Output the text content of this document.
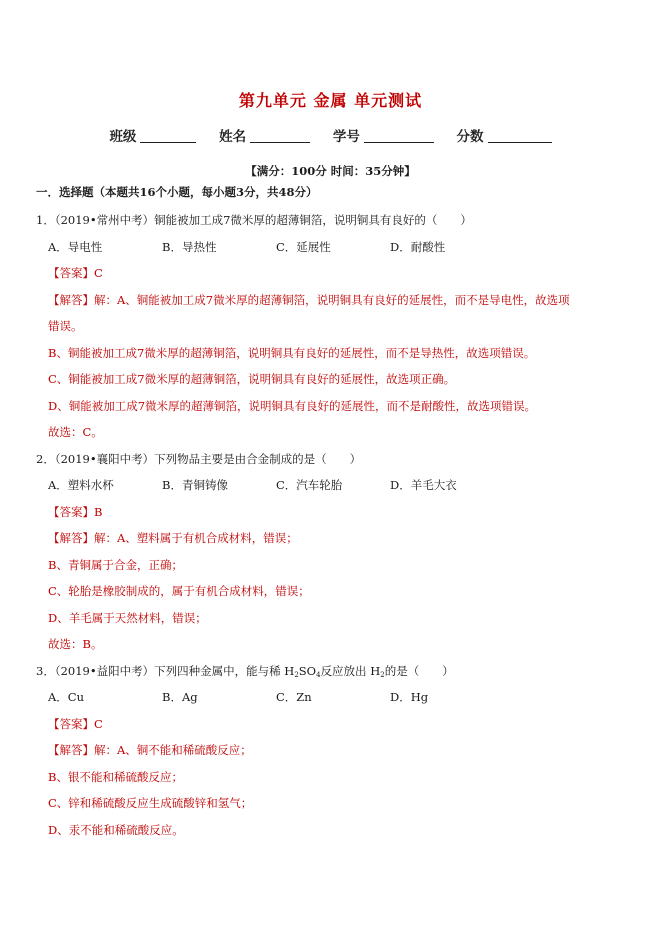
第九单元 金属 单元测试
班级	姓名	学号	分数
【满分：100分 时间：35分钟】
一．选择题（本题共16个小题，每小题3分，共48分）
1．（2019•常州中考）铜能被加工成7微米厚的超薄铜箔，说明铜具有良好的（　　）
A．导电性	B．导热性	C．延展性	D．耐酸性
【答案】C
【解答】解：A、铜能被加工成7微米厚的超薄铜箔，说明铜具有良好的延展性，而不是导电性，故选项
错误。
B、铜能被加工成7微米厚的超薄铜箔，说明铜具有良好的延展性，而不是导热性，故选项错误。
C、铜能被加工成7微米厚的超薄铜箔，说明铜具有良好的延展性，故选项正确。
D、铜能被加工成7微米厚的超薄铜箔，说明铜具有良好的延展性，而不是耐酸性，故选项错误。
故选：C。
2．（2019•襄阳中考）下列物品主要是由合金制成的是（　　）
A．塑料水杯	B．青铜铸像	C．汽车轮胎	D．羊毛大衣
【答案】B
【解答】解：A、塑料属于有机合成材料，错误；
B、青铜属于合金，正确；
C、轮胎是橡胶制成的，属于有机合成材料，错误；
D、羊毛属于天然材料，错误；
故选：B。
3．（2019•益阳中考）下列四种金属中，能与稀 $H_2SO_4$反应放出 $H_2$的是（　　）
A．Cu	B．Ag	C．Zn	D．Hg
【答案】C
【解答】解：A、铜不能和稀硫酸反应；
B、银不能和稀硫酸反应；
C、锌和稀硫酸反应生成硫酸锌和氢气；
D、汞不能和稀硫酸反应。
